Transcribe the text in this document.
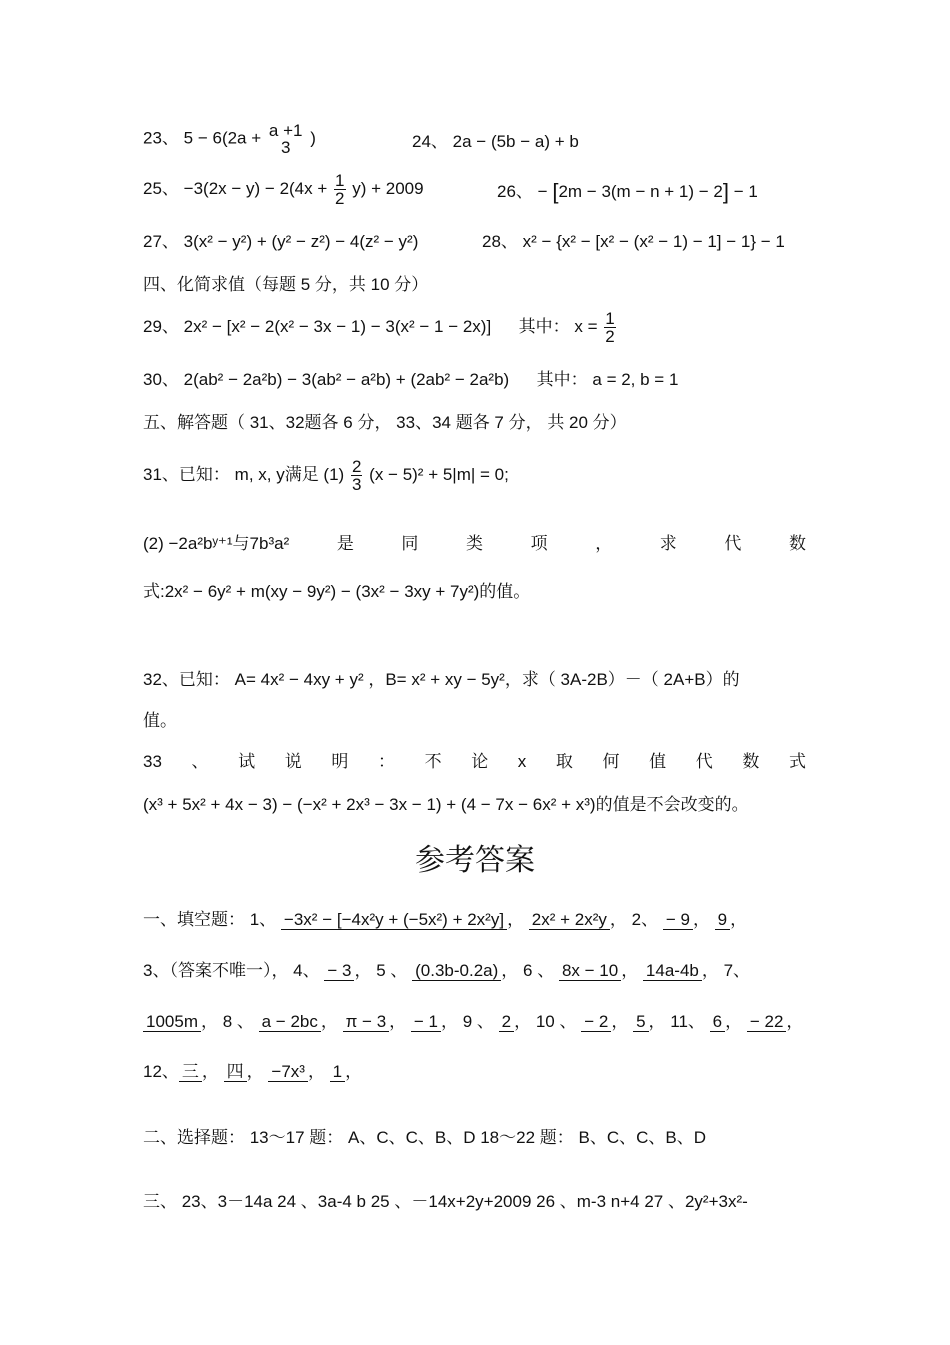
23、 5 − 6(2a + a +1
3
)	24、 2a − (5b − a) + b
25、 $-3(2x - y) - 2(4x + \frac{1}{2} y) + 2009$	26、 − [2m − 3(m − n + 1) − 2] − 1
27、 3(x² − y²) + (y² − z²) − 4(z² − y²)	28、 x² − {x² − [x² − (x² − 1) − 1] − 1} − 1
四、化简求值（每题 5 分，共 10 分）
29、 2x² − [x² − 2(x² − 3x − 1) − 3(x² − 1 − 2x)] 其中： $x = \frac{1}{2}$
30、 2(ab² − 2a²b) − 3(ab² − a²b) + (2ab² − 2a²b) 其中： a = 2, b = 1
五、解答题（ 31、32题各 6 分， 33、34 题各 7 分， 共 20 分）
31、已知： m, x, y满足 $(1) \frac{2}{3} (x - 5)^2 + 5|m| = 0$;
(2) −2a²bʸ⁺¹与7b³a²	是	同	类	项	，	求	代	数
式:2x² − 6y² + m(xy − 9y²) − (3x² − 3xy + 7y²)的值。
32、已知： A= 4x² − 4xy + y² ，B= x² + xy − 5y²，求（ 3A-2B）－（ 2A+B）的
值。
33 、 试 说 明 ： 不 论 x 取 何 值 代 数 式
(x³ + 5x² + 4x − 3) − (−x² + 2x³ − 3x − 1) + (4 − 7x − 6x² + x³)的值是不会改变的。
参考答案
一、填空题： 1、 −3x² − [−4x²y + (−5x²) + 2x²y] ， 2x² + 2x²y ， 2、 − 9 ， 9 ，
3、（答案不唯一）， 4、 − 3 ， 5 、 (0.3b-0.2a) ， 6 、 8x − 10 ， 14a-4b ， 7、
1005m ， 8 、 a − 2bc ， π − 3 ， − 1 ， 9 、 2 ， 10 、 − 2 ， 5 ， 11、 6 ， − 22 ，
12、 三 ， 四 ， −7x³ ， 1 ，
二、选择题： 13～17 题： A、C、C、B、D 18～22 题： B、C、C、B、D
三、 23、3－14a 24 、3a-4 b 25 、－14x+2y+2009 26 、m-3 n+4 27 、2y²+3x²-
